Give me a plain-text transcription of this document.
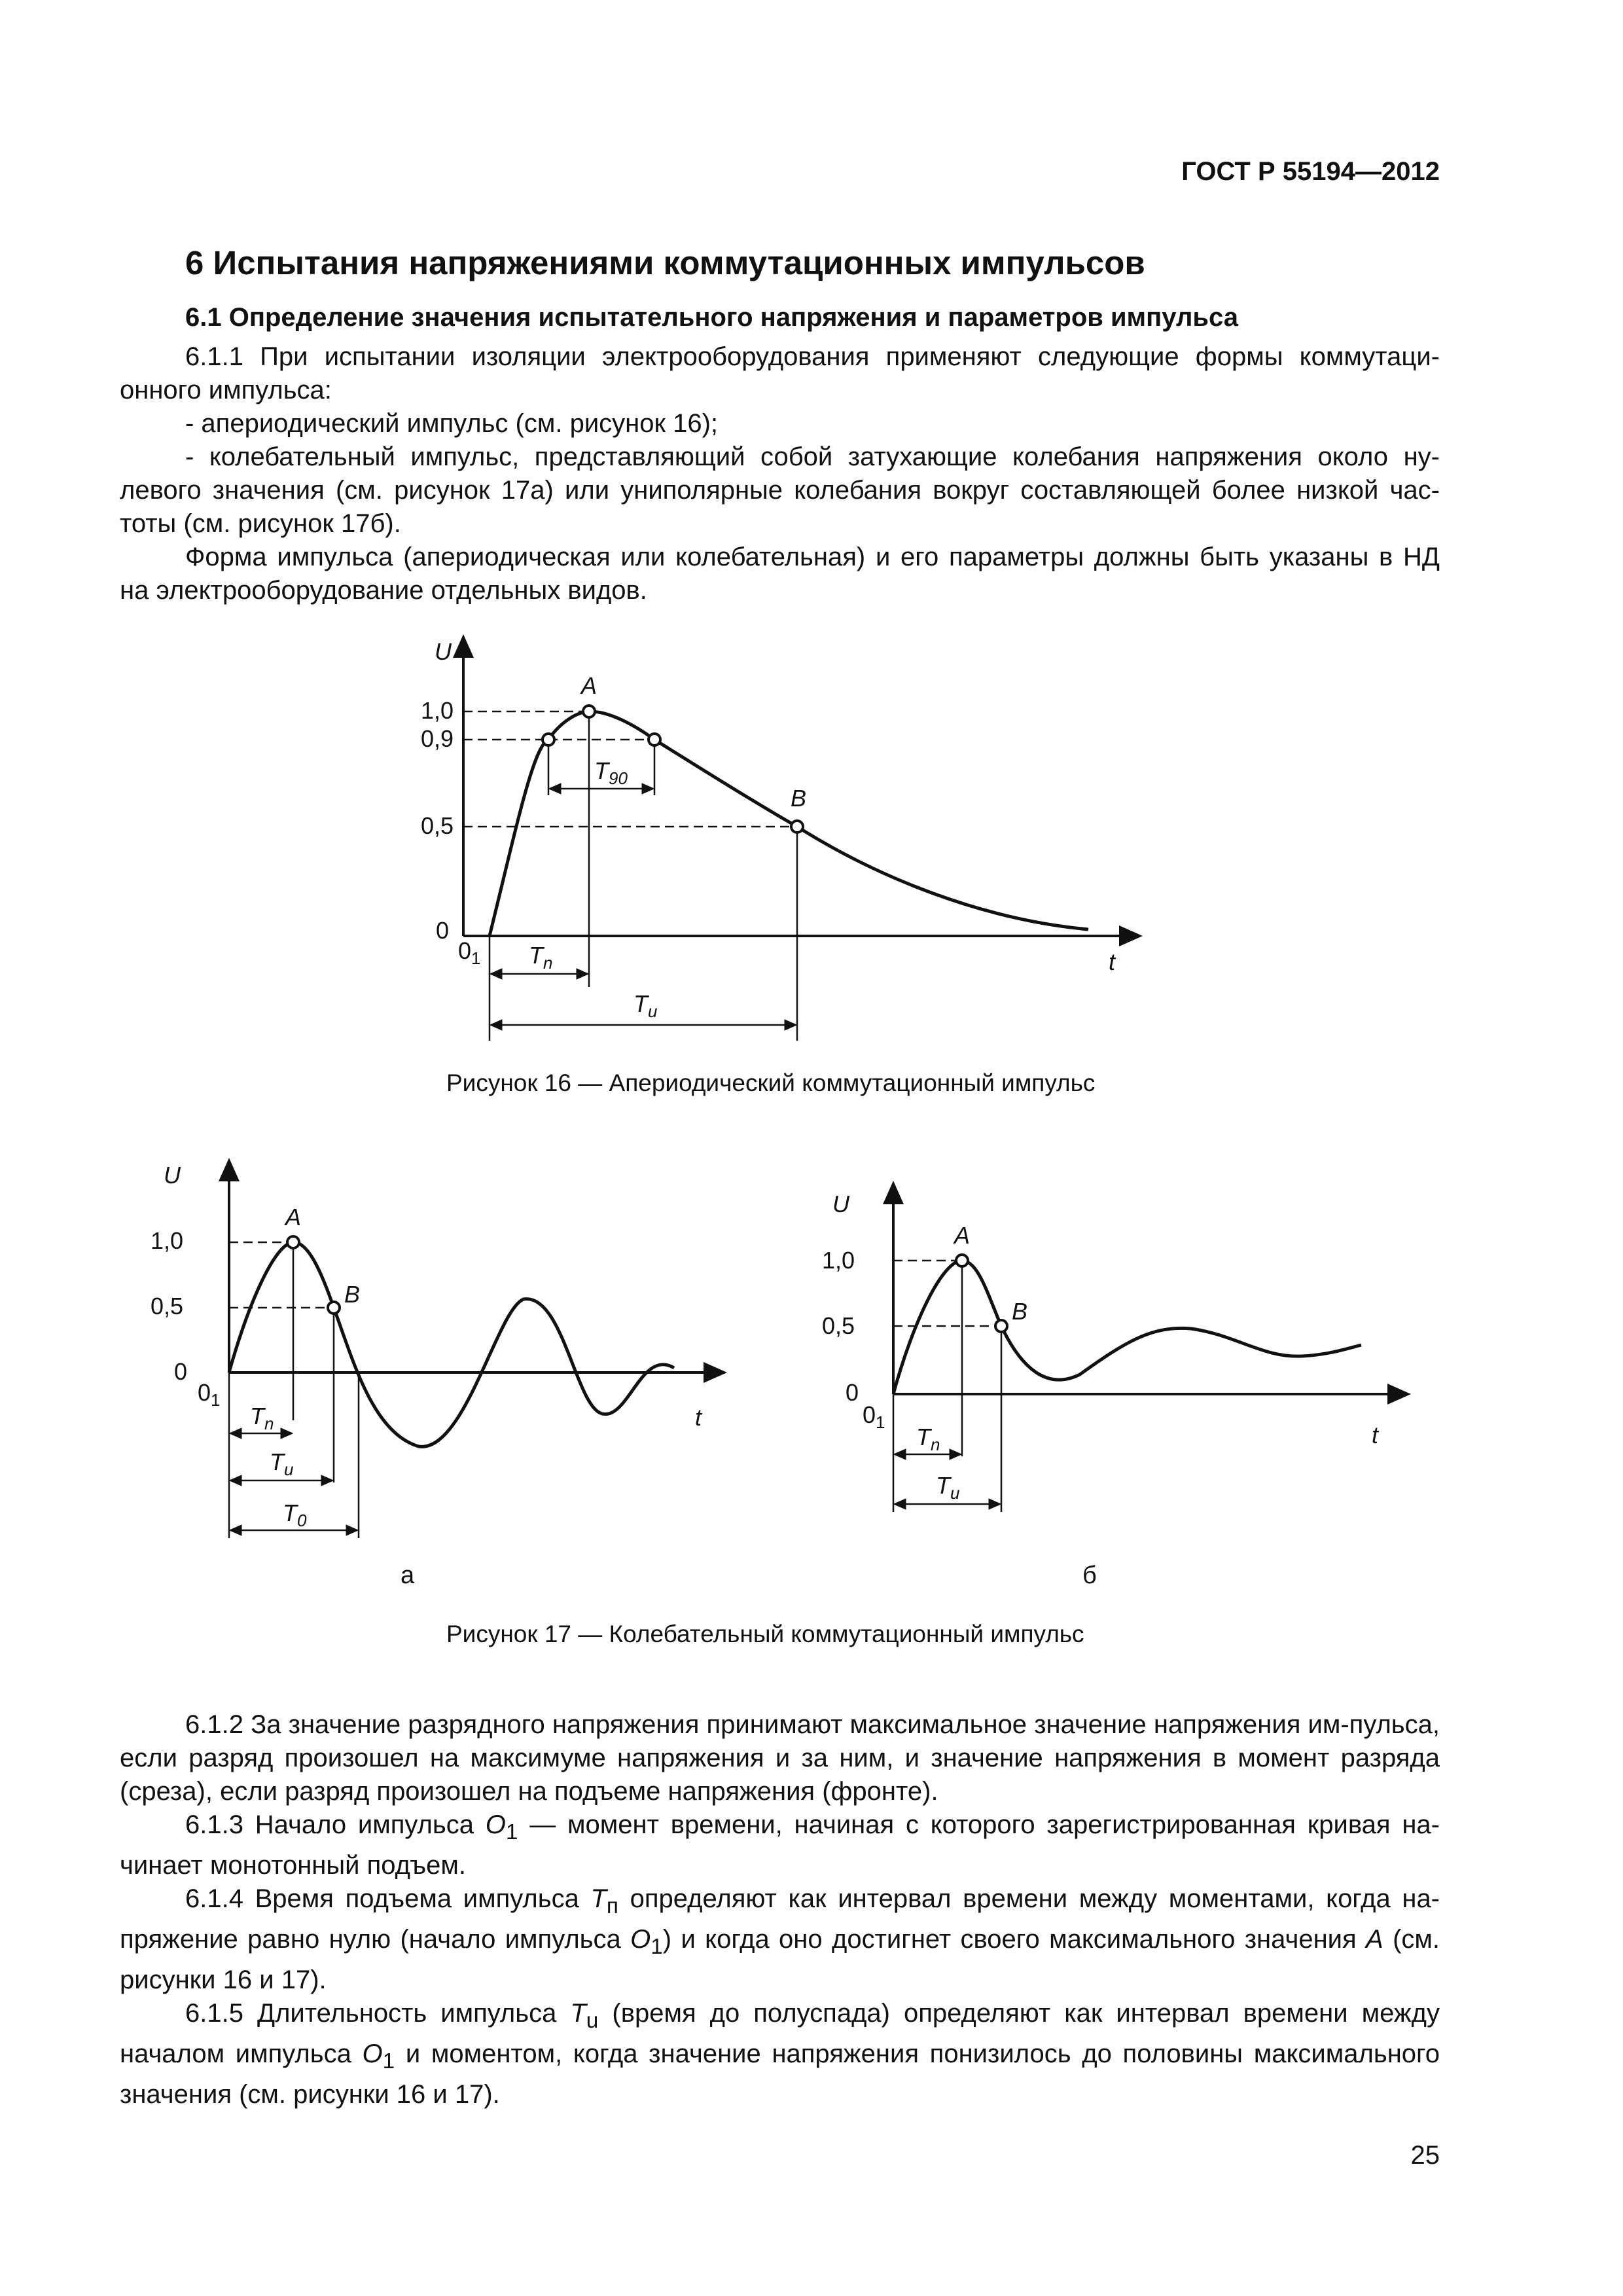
ГОСТ Р 55194—2012
6 Испытания напряжениями коммутационных импульсов
6.1 Определение значения испытательного напряжения и параметров импульса

6.1.1 При испытании изоляции электрооборудования применяют следующие формы коммутаци-онного импульса:

- апериодический импульс (см. рисунок 16);

- колебательный импульс, представляющий собой затухающие колебания напряжения около ну-левого значения (см. рисунок 17а) или униполярные колебания вокруг составляющей более низкой час-тоты (см. рисунок 17б).

Форма импульса (апериодическая или колебательная) и его параметры должны быть указаны в НД на электрооборудование отдельных видов.

U
t
1,0
0,9
0,5
0
$0_1$
A
B
$T_{90}$
$T_n$
$T_u$
U
t
1,0
0,5
0
$0_1$
A
B
$T_n$
$T_u$
$T_0$
U
t
1,0
0,5
0
$0_1$
A
B
$T_n$
$T_u$
Рисунок 16 — Апериодический коммутационный импульс
а	б
Рисунок 17 — Колебательный коммутационный импульс

6.1.2 За значение разрядного напряжения принимают максимальное значение напряжения им-пульса, если разряд произошел на максимуме напряжения и за ним, и значение напряжения в момент разряда (среза), если разряд произошел на подъеме напряжения (фронте).

6.1.3 Начало импульса $O_1$ — момент времени, начиная с которого зарегистрированная кривая на-чинает монотонный подъем.

6.1.4 Время подъема импульса $T_п$ определяют как интервал времени между моментами, когда на-пряжение равно нулю (начало импульса $O_1$) и когда оно достигнет своего максимального значения A (см. рисунки 16 и 17).

6.1.5 Длительность импульса $T_u$ (время до полуспада) определяют как интервал времени между началом импульса $O_1$ и моментом, когда значение напряжения понизилось до половины максимального значения (см. рисунки 16 и 17).

25
